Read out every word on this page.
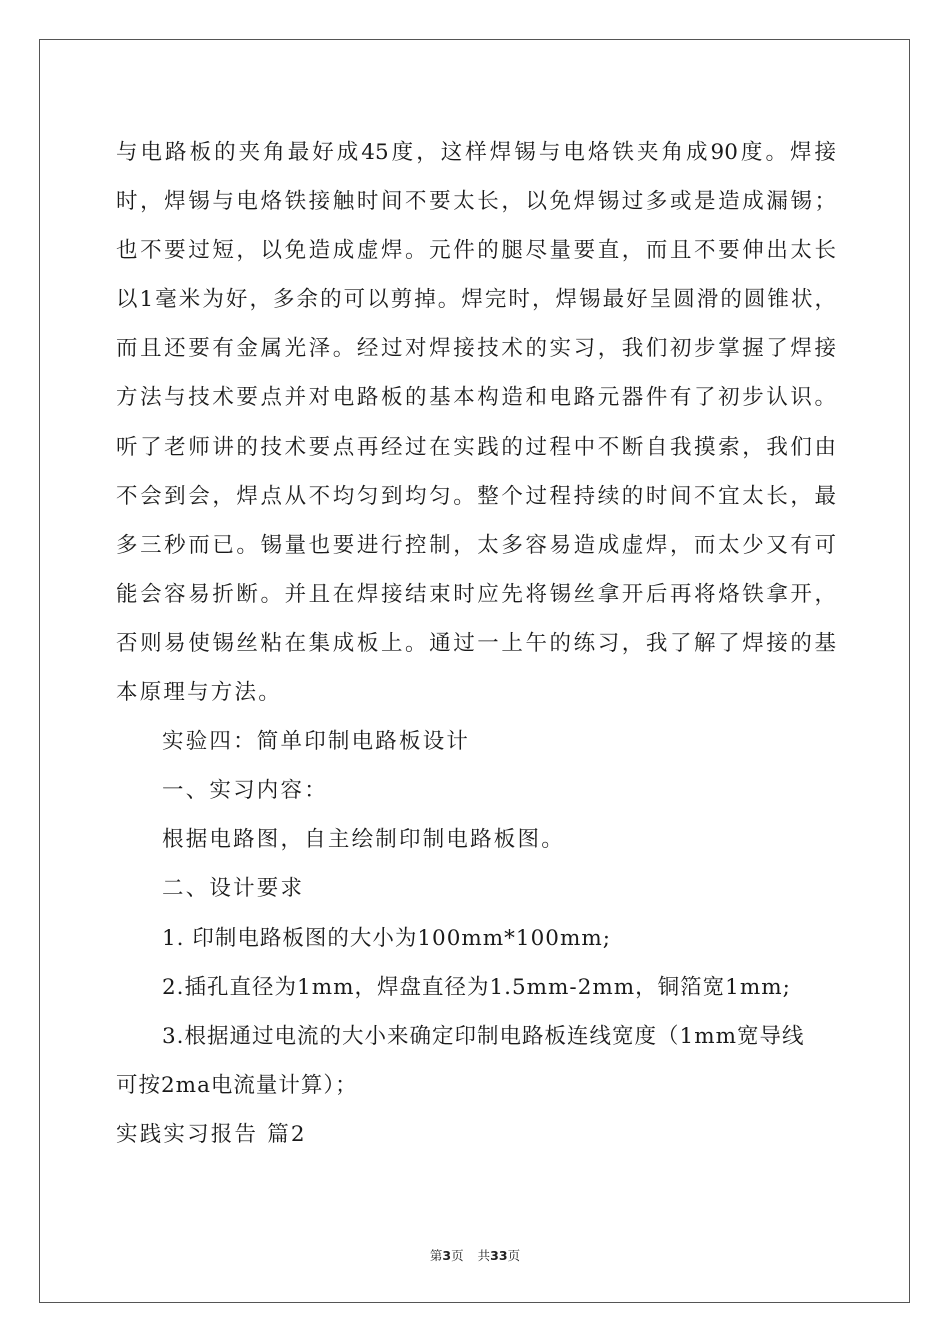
与电路板的夹角最好成45度，这样焊锡与电烙铁夹角成90度。焊接
时，焊锡与电烙铁接触时间不要太长，以免焊锡过多或是造成漏锡；
也不要过短，以免造成虚焊。元件的腿尽量要直，而且不要伸出太长
以1毫米为好，多余的可以剪掉。焊完时，焊锡最好呈圆滑的圆锥状，
而且还要有金属光泽。经过对焊接技术的实习，我们初步掌握了焊接
方法与技术要点并对电路板的基本构造和电路元器件有了初步认识。
听了老师讲的技术要点再经过在实践的过程中不断自我摸索，我们由
不会到会，焊点从不均匀到均匀。整个过程持续的时间不宜太长，最
多三秒而已。锡量也要进行控制，太多容易造成虚焊，而太少又有可
能会容易折断。并且在焊接结束时应先将锡丝拿开后再将烙铁拿开，
否则易使锡丝粘在集成板上。通过一上午的练习，我了解了焊接的基
本原理与方法。
实验四：简单印制电路板设计
一、实习内容：
根据电路图，自主绘制印制电路板图。
二、设计要求
1. 印制电路板图的大小为100mm*100mm;
2.插孔直径为1mm，焊盘直径为1.5mm-2mm，铜箔宽1mm;
3.根据通过电流的大小来确定印制电路板连线宽度（1mm宽导线
可按2ma电流量计算）；
实践实习报告 篇2
第3页 共33页
